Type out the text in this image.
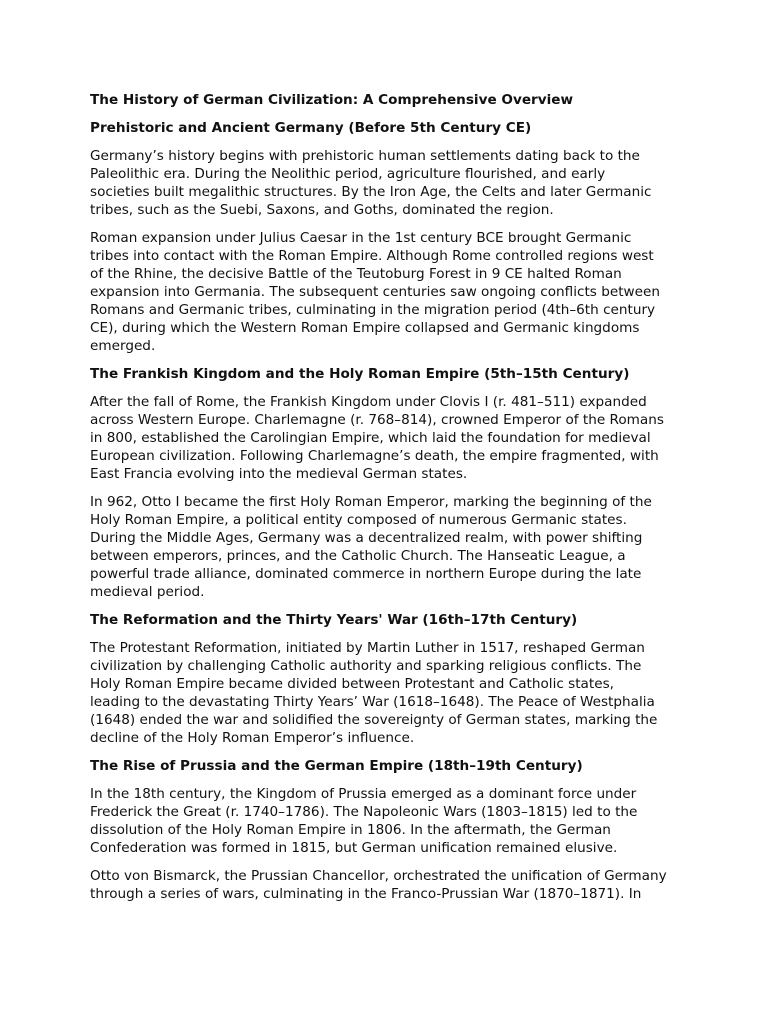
The History of German Civilization: A Comprehensive Overview
Prehistoric and Ancient Germany (Before 5th Century CE)

Germany’s history begins with prehistoric human settlements dating back to the
Paleolithic era. During the Neolithic period, agriculture flourished, and early
societies built megalithic structures. By the Iron Age, the Celts and later Germanic
tribes, such as the Suebi, Saxons, and Goths, dominated the region.

Roman expansion under Julius Caesar in the 1st century BCE brought Germanic
tribes into contact with the Roman Empire. Although Rome controlled regions west
of the Rhine, the decisive Battle of the Teutoburg Forest in 9 CE halted Roman
expansion into Germania. The subsequent centuries saw ongoing conflicts between
Romans and Germanic tribes, culminating in the migration period (4th–6th century
CE), during which the Western Roman Empire collapsed and Germanic kingdoms
emerged.

The Frankish Kingdom and the Holy Roman Empire (5th–15th Century)

After the fall of Rome, the Frankish Kingdom under Clovis I (r. 481–511) expanded
across Western Europe. Charlemagne (r. 768–814), crowned Emperor of the Romans
in 800, established the Carolingian Empire, which laid the foundation for medieval
European civilization. Following Charlemagne’s death, the empire fragmented, with
East Francia evolving into the medieval German states.

In 962, Otto I became the first Holy Roman Emperor, marking the beginning of the
Holy Roman Empire, a political entity composed of numerous Germanic states.
During the Middle Ages, Germany was a decentralized realm, with power shifting
between emperors, princes, and the Catholic Church. The Hanseatic League, a
powerful trade alliance, dominated commerce in northern Europe during the late
medieval period.

The Reformation and the Thirty Years' War (16th–17th Century)

The Protestant Reformation, initiated by Martin Luther in 1517, reshaped German
civilization by challenging Catholic authority and sparking religious conflicts. The
Holy Roman Empire became divided between Protestant and Catholic states,
leading to the devastating Thirty Years’ War (1618–1648). The Peace of Westphalia
(1648) ended the war and solidified the sovereignty of German states, marking the
decline of the Holy Roman Emperor’s influence.

The Rise of Prussia and the German Empire (18th–19th Century)

In the 18th century, the Kingdom of Prussia emerged as a dominant force under
Frederick the Great (r. 1740–1786). The Napoleonic Wars (1803–1815) led to the
dissolution of the Holy Roman Empire in 1806. In the aftermath, the German
Confederation was formed in 1815, but German unification remained elusive.

Otto von Bismarck, the Prussian Chancellor, orchestrated the unification of Germany
through a series of wars, culminating in the Franco-Prussian War (1870–1871). In
